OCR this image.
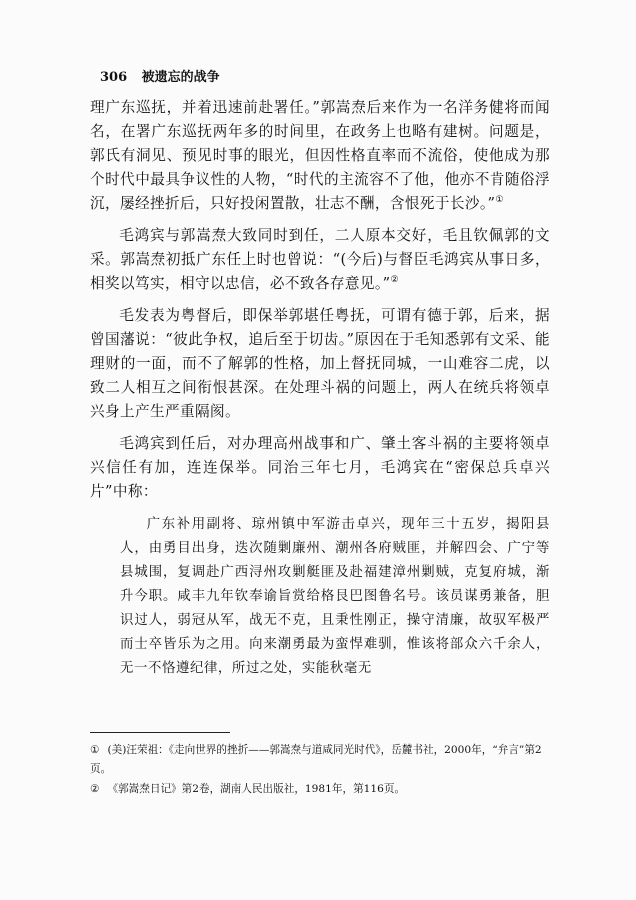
306 被遗忘的战争

理广东巡抚，并着迅速前赴署任。”郭嵩焘后来作为一名洋务健将而闻名，在署广东巡抚两年多的时间里，在政务上也略有建树。问题是，郭氏有洞见、预见时事的眼光，但因性格直率而不流俗，使他成为那个时代中最具争议性的人物，“时代的主流容不了他，他亦不肯随俗浮沉，屡经挫折后，只好投闲置散，壮志不酬，含恨死于长沙。”①

毛鸿宾与郭嵩焘大致同时到任，二人原本交好，毛且钦佩郭的文采。郭嵩焘初抵广东任上时也曾说：“(今后)与督臣毛鸿宾从事日多，相奖以笃实，相守以忠信，必不致各存意见。”②

毛发表为粤督后，即保举郭堪任粤抚，可谓有德于郭，后来，据曾国藩说：“彼此争权，追后至于切齿。”原因在于毛知悉郭有文采、能理财的一面，而不了解郭的性格，加上督抚同城，一山难容二虎，以致二人相互之间衔恨甚深。在处理斗祸的问题上，两人在统兵将领卓兴身上产生严重隔阂。

毛鸿宾到任后，对办理高州战事和广、肇土客斗祸的主要将领卓兴信任有加，连连保举。同治三年七月，毛鸿宾在“密保总兵卓兴片”中称：

广东补用副将、琼州镇中军游击卓兴，现年三十五岁，揭阳县人，由勇目出身，迭次随剿廉州、潮州各府贼匪，并解四会、广宁等县城围，复调赴广西浔州攻剿艇匪及赴福建漳州剿贼，克复府城，渐升今职。咸丰九年钦奉谕旨赏给格艮巴图鲁名号。该员谋勇兼备，胆识过人，弱冠从军，战无不克，且秉性刚正，操守清廉，故驭军极严而士卒皆乐为之用。向来潮勇最为蛮悍难驯，惟该将部众六千余人，无一不恪遵纪律，所过之处，实能秋毫无

① (美)汪荣祖：《走向世界的挫折——郭嵩焘与道咸同光时代》，岳麓书社，2000年，“弁言”第2页。
② 《郭嵩焘日记》第2卷，湖南人民出版社，1981年，第116页。
